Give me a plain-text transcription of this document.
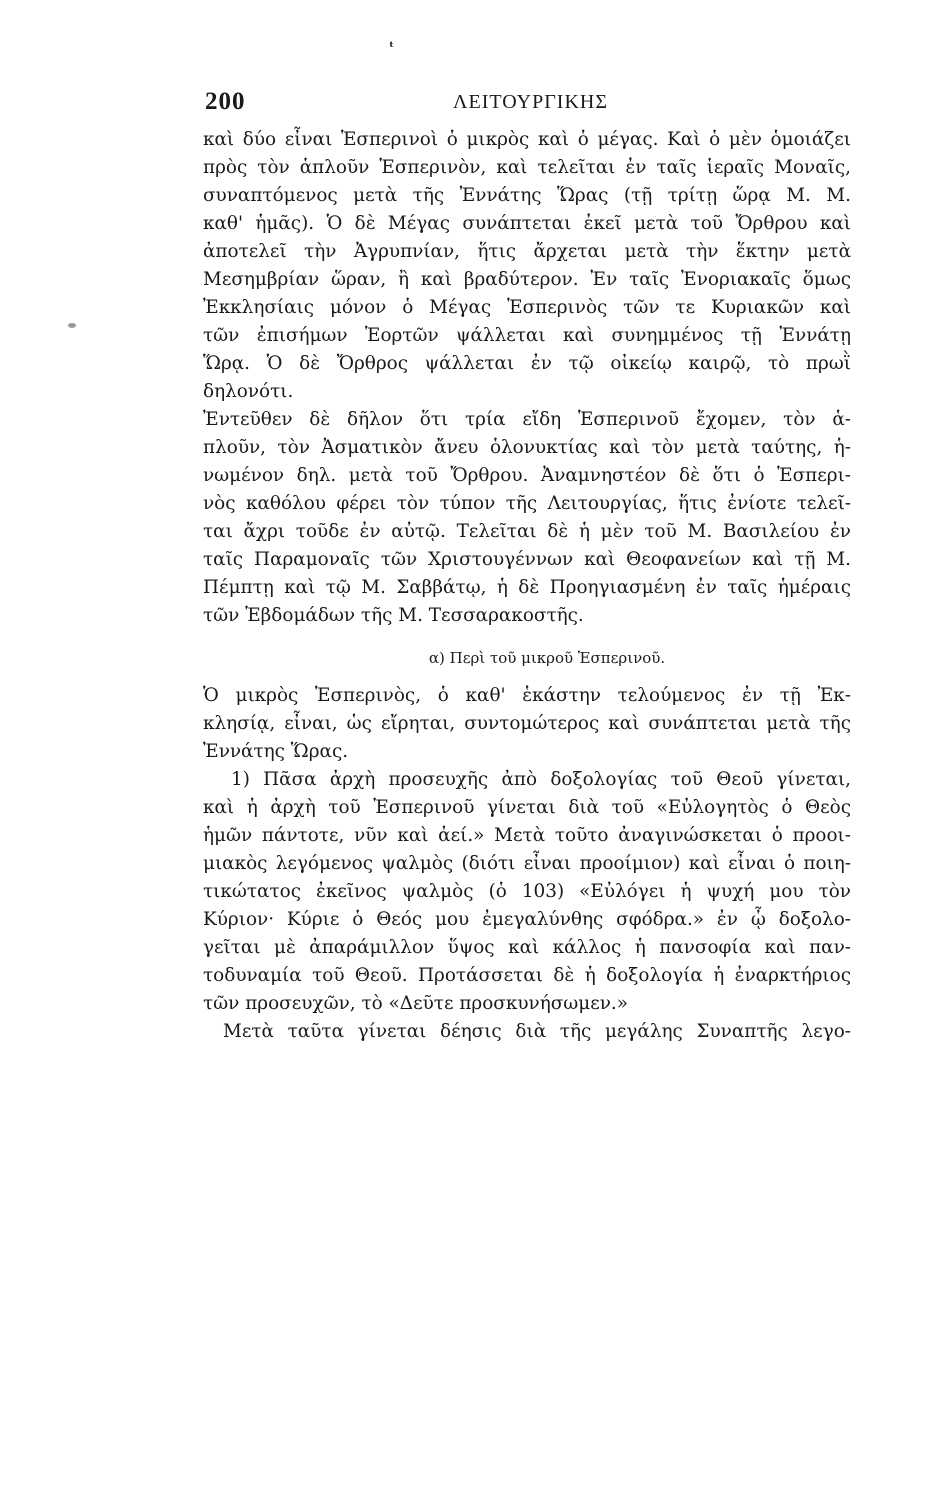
ᵗ
200	ΛΕΙΤΟΥΡΓΙΚΗΣ
καὶ δύο εἶναι Ἑσπερινοὶ ὁ μικρὸς καὶ ὁ μέγας. Καὶ ὁ μὲν ὁμοιάζει
πρὸς τὸν ἁπλοῦν Ἑσπερινὸν, καὶ τελεῖται ἐν ταῖς ἱεραῖς Μοναῖς,
συναπτόμενος μετὰ τῆς Ἐννάτης Ὥρας (τῇ τρίτῃ ὥρᾳ Μ. Μ.
καθ' ἡμᾶς). Ὁ δὲ Μέγας συνάπτεται ἐκεῖ μετὰ τοῦ Ὄρθρου καὶ
ἀποτελεῖ τὴν Ἀγρυπνίαν, ἥτις ἄρχεται μετὰ τὴν ἕκτην μετὰ
Μεσημβρίαν ὥραν, ἢ καὶ βραδύτερον. Ἐν ταῖς Ἐνοριακαῖς ὅμως
Ἐκκλησίαις μόνον ὁ Μέγας Ἑσπερινὸς τῶν τε Κυριακῶν καὶ
τῶν ἐπισήμων Ἑορτῶν ψάλλεται καὶ συνημμένος τῇ Ἐννάτῃ
Ὥρᾳ. Ὁ δὲ Ὄρθρος ψάλλεται ἐν τῷ οἰκείῳ καιρῷ, τὸ πρωῒ
δηλονότι.
Ἐντεῦθεν δὲ δῆλον ὅτι τρία εἴδη Ἑσπερινοῦ ἔχομεν, τὸν ἁ-
πλοῦν, τὸν Ἀσματικὸν ἄνευ ὁλονυκτίας καὶ τὸν μετὰ ταύτης, ἡ-
νωμένον δηλ. μετὰ τοῦ Ὄρθρου. Ἀναμνηστέον δὲ ὅτι ὁ Ἑσπερι-
νὸς καθόλου φέρει τὸν τύπον τῆς Λειτουργίας, ἥτις ἐνίοτε τελεῖ-
ται ἄχρι τοῦδε ἐν αὐτῷ. Τελεῖται δὲ ἡ μὲν τοῦ Μ. Βασιλείου ἐν
ταῖς Παραμοναῖς τῶν Χριστουγέννων καὶ Θεοφανείων καὶ τῇ Μ.
Πέμπτῃ καὶ τῷ Μ. Σαββάτῳ, ἡ δὲ Προηγιασμένη ἐν ταῖς ἡμέραις
τῶν Ἑβδομάδων τῆς Μ. Τεσσαρακοστῆς.
α) Περὶ τοῦ μικροῦ Ἑσπερινοῦ.
Ὁ μικρὸς Ἑσπερινὸς, ὁ καθ' ἑκάστην τελούμενος ἐν τῇ Ἐκ-
κλησίᾳ, εἶναι, ὡς εἴρηται, συντομώτερος καὶ συνάπτεται μετὰ τῆς
Ἐννάτης Ὥρας.
1) Πᾶσα ἀρχὴ προσευχῆς ἀπὸ δοξολογίας τοῦ Θεοῦ γίνεται,
καὶ ἡ ἀρχὴ τοῦ Ἑσπερινοῦ γίνεται διὰ τοῦ «Εὐλογητὸς ὁ Θεὸς
ἡμῶν πάντοτε, νῦν καὶ ἀεί.» Μετὰ τοῦτο ἀναγινώσκεται ὁ προοι-
μιακὸς λεγόμενος ψαλμὸς (διότι εἶναι προοίμιον) καὶ εἶναι ὁ ποιη-
τικώτατος ἐκεῖνος ψαλμὸς (ὁ 103) «Εὐλόγει ἡ ψυχή μου τὸν
Κύριον· Κύριε ὁ Θεός μου ἐμεγαλύνθης σφόδρα.» ἐν ᾧ δοξολο-
γεῖται μὲ ἀπαράμιλλον ὕψος καὶ κάλλος ἡ πανσοφία καὶ παν-
τοδυναμία τοῦ Θεοῦ. Προτάσσεται δὲ ἡ δοξολογία ἡ ἐναρκτήριος
τῶν προσευχῶν, τὸ «Δεῦτε προσκυνήσωμεν.»
Μετὰ ταῦτα γίνεται δέησις διὰ τῆς μεγάλης Συναπτῆς λεγο-
